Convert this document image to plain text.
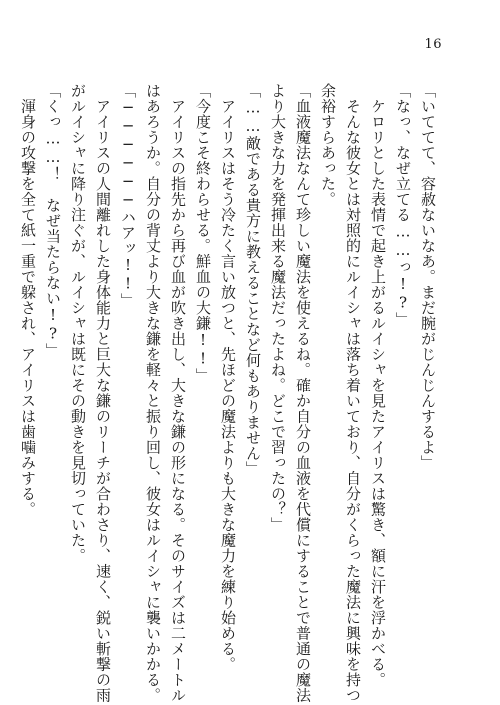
16
「いててて、容赦ないなあ。まだ腕がじんじんするよ」
「なっ、なぜ立てる……っ!?」
　ケロリとした表情で起き上がるルイシャを見たアイリスは驚き、額に汗を浮かべる。
　そんな彼女とは対照的にルイシャは落ち着いており、自分がくらった魔法に興味を持つ
余裕すらあった。
「血液魔法なんて珍しい魔法を使えるね。確か自分の血液を代償にすることで普通の魔法
より大きな力を発揮出来る魔法だったよね。どこで習ったの？」
「……敵である貴方に教えることなど何もありません」
　アイリスはそう冷たく言い放つと、先ほどの魔法よりも大きな魔力を練り始める。
「今度こそ終わらせる。鮮血の大鎌!!」
　アイリスの指先から再び血が吹き出し、大きな鎌の形になる。そのサイズは二メートル
はあろうか。自分の背丈より大きな鎌を軽々と振り回し、彼女はルイシャに襲いかかる。
「──────ハアッ!!」
　アイリスの人間離れした身体能力と巨大な鎌のリーチが合わさり、速く、鋭い斬撃の雨
がルイシャに降り注ぐが、ルイシャは既にその動きを見切っていた。
「くっ……！　なぜ当たらない!?」
　渾身の攻撃を全て紙一重で躱され、アイリスは歯噛みする。
